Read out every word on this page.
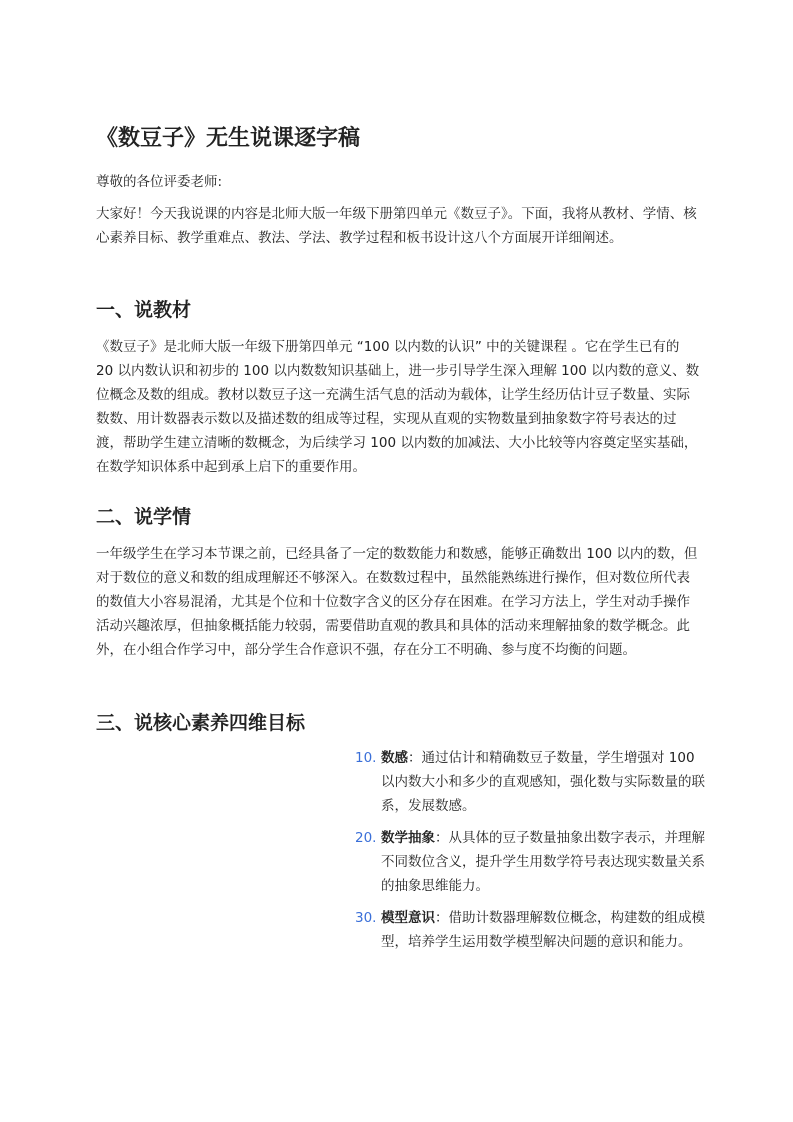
《数豆子》无生说课逐字稿

尊敬的各位评委老师:

大家好！今天我说课的内容是北师大版一年级下册第四单元《数豆子》。下面，我将从教材、学情、核心素养目标、教学重难点、教法、学法、教学过程和板书设计这八个方面展开详细阐述。

一、说教材

《数豆子》是北师大版一年级下册第四单元 “100 以内数的认识” 中的关键课程 。它在学生已有的 20 以内数认识和初步的 100 以内数数知识基础上，进一步引导学生深入理解 100 以内数的意义、数位概念及数的组成。教材以数豆子这一充满生活气息的活动为载体，让学生经历估计豆子数量、实际数数、用计数器表示数以及描述数的组成等过程，实现从直观的实物数量到抽象数字符号表达的过渡，帮助学生建立清晰的数概念，为后续学习 100 以内数的加减法、大小比较等内容奠定坚实基础，在数学知识体系中起到承上启下的重要作用。

二、说学情

一年级学生在学习本节课之前，已经具备了一定的数数能力和数感，能够正确数出 100 以内的数，但对于数位的意义和数的组成理解还不够深入。在数数过程中，虽然能熟练进行操作，但对数位所代表的数值大小容易混淆，尤其是个位和十位数字含义的区分存在困难。在学习方法上，学生对动手操作活动兴趣浓厚，但抽象概括能力较弱，需要借助直观的教具和具体的活动来理解抽象的数学概念。此外，在小组合作学习中，部分学生合作意识不强，存在分工不明确、参与度不均衡的问题。

三、说核心素养四维目标
10. 数感：通过估计和精确数豆子数量，学生增强对 100 以内数大小和多少的直观感知，强化数与实际数量的联系，发展数感。
20. 数学抽象：从具体的豆子数量抽象出数字表示，并理解不同数位含义，提升学生用数学符号表达现实数量关系的抽象思维能力。
30. 模型意识：借助计数器理解数位概念，构建数的组成模型，培养学生运用数学模型解决问题的意识和能力。
